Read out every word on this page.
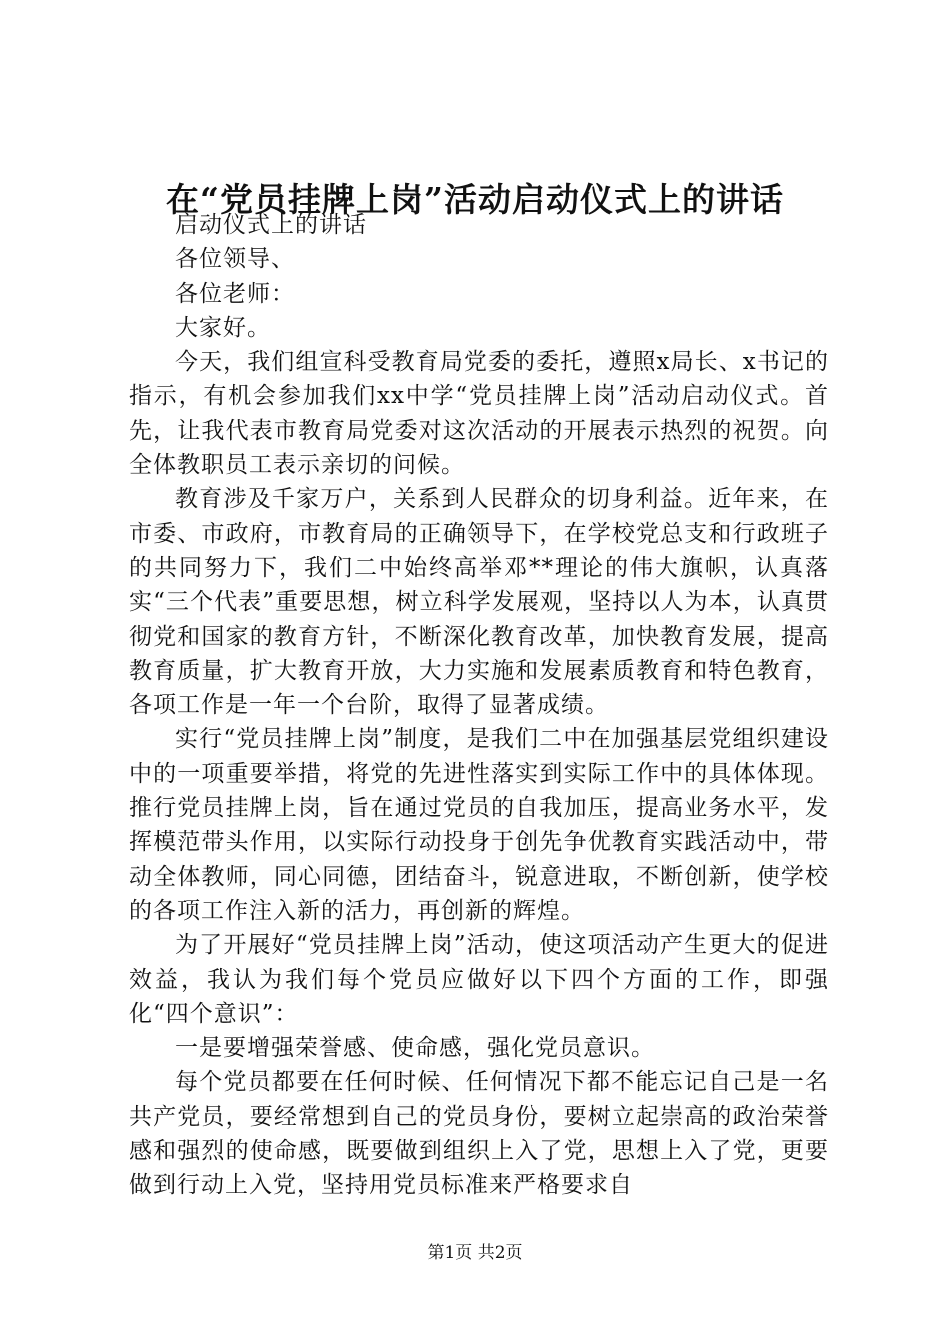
在“党员挂牌上岗”活动启动仪式上的讲话

启动仪式上的讲话

各位领导、

各位老师：

大家好。

今天，我们组宣科受教育局党委的委托，遵照x局长、x书记的指示，有机会参加我们xx中学“党员挂牌上岗”活动启动仪式。首先，让我代表市教育局党委对这次活动的开展表示热烈的祝贺。向全体教职员工表示亲切的问候。

教育涉及千家万户，关系到人民群众的切身利益。近年来，在市委、市政府，市教育局的正确领导下，在学校党总支和行政班子的共同努力下，我们二中始终高举邓**理论的伟大旗帜，认真落实“三个代表”重要思想，树立科学发展观，坚持以人为本，认真贯彻党和国家的教育方针，不断深化教育改革，加快教育发展，提高教育质量，扩大教育开放，大力实施和发展素质教育和特色教育，各项工作是一年一个台阶，取得了显著成绩。

实行“党员挂牌上岗”制度，是我们二中在加强基层党组织建设中的一项重要举措，将党的先进性落实到实际工作中的具体体现。推行党员挂牌上岗，旨在通过党员的自我加压，提高业务水平，发挥模范带头作用，以实际行动投身于创先争优教育实践活动中，带动全体教师，同心同德，团结奋斗，锐意进取，不断创新，使学校的各项工作注入新的活力，再创新的辉煌。

为了开展好“党员挂牌上岗”活动，使这项活动产生更大的促进效益，我认为我们每个党员应做好以下四个方面的工作，即强化“四个意识”：

一是要增强荣誉感、使命感，强化党员意识。

每个党员都要在任何时候、任何情况下都不能忘记自己是一名共产党员，要经常想到自己的党员身份，要树立起崇高的政治荣誉感和强烈的使命感，既要做到组织上入了党，思想上入了党，更要做到行动上入党，坚持用党员标准来严格要求自

第1页 共2页
